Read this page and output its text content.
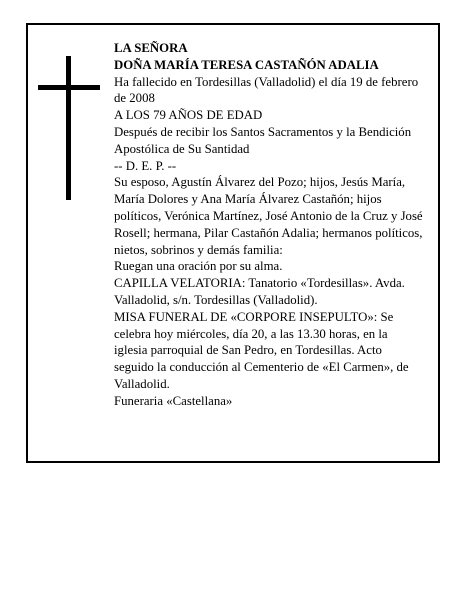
LA SEÑORA

DOÑA MARÍA TERESA CASTAÑÓN ADALIA

Ha fallecido en Tordesillas (Valladolid) el día 19 de febrero de 2008

A LOS 79 AÑOS DE EDAD

Después de recibir los Santos Sacramentos y la Bendición Apostólica de Su Santidad

-- D. E. P. --

Su esposo, Agustín Álvarez del Pozo; hijos, Jesús María, María Dolores y Ana María Álvarez Castañón; hijos políticos, Verónica Martínez, José Antonio de la Cruz y José Rosell; hermana, Pilar Castañón Adalia; hermanos políticos, nietos, sobrinos y demás familia:

Ruegan una oración por su alma.

CAPILLA VELATORIA: Tanatorio «Tordesillas». Avda. Valladolid, s/n. Tordesillas (Valladolid).

MISA FUNERAL DE «CORPORE INSEPULTO»: Se celebra hoy miércoles, día 20, a las 13.30 horas, en la iglesia parroquial de San Pedro, en Tordesillas. Acto seguido la conducción al Cementerio de «El Carmen», de Valladolid.

Funeraria «Castellana»
